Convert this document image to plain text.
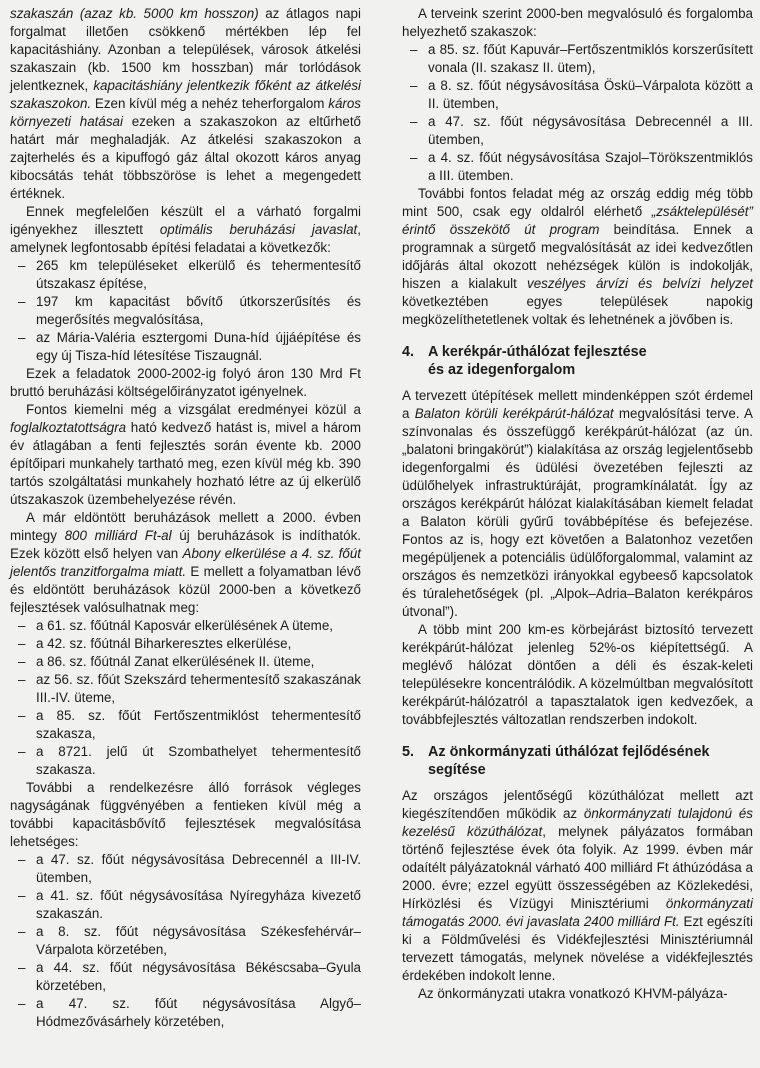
szakaszán (azaz kb. 5000 km hosszon) az átlagos napi forgalmat illetően csökkenő mértékben lép fel kapacitáshiány. Azonban a települések, városok átkelési szakaszain (kb. 1500 km hosszban) már torlódások jelentkeznek, kapacitáshiány jelentkezik főként az átkelési szakaszokon. Ezen kívül még a nehéz teherforgalom káros környezeti hatásai ezeken a szakaszokon az eltűrhető határt már meghaladják. Az átkelési szakaszokon a zajterhelés és a kipuffogó gáz által okozott káros anyag kibocsátás tehát többszöröse is lehet a megengedett értéknek.

Ennek megfelelően készült el a várható forgalmi igényekhez illesztett optimális beruházási javaslat, amelynek legfontosabb építési feladatai a következők:

– 265 km településeket elkerülő és tehermentesítő útszakasz építése,
– 197 km kapacitást bővítő útkorszerűsítés és megerősítés megvalósítása,
– az Mária-Valéria esztergomi Duna-híd újjáépítése és egy új Tisza-híd létesítése Tiszaugnál.

Ezek a feladatok 2000-2002-ig folyó áron 130 Mrd Ft bruttó beruházási költségelőirányzatot igényelnek.

Fontos kiemelni még a vizsgálat eredményei közül a foglalkoztatottságra ható kedvező hatást is, mivel a három év átlagában a fenti fejlesztés során évente kb. 2000 építőipari munkahely tartható meg, ezen kívül még kb. 390 tartós szolgáltatási munkahely hozható létre az új elkerülő útszakaszok üzembehelyezése révén.

A már eldöntött beruházások mellett a 2000. évben mintegy 800 milliárd Ft-al új beruházások is indíthatók. Ezek között első helyen van Abony elkerülése a 4. sz. főút jelentős tranzitforgalma miatt. E mellett a folyamatban lévő és eldöntött beruházások közül 2000-ben a következő fejlesztések valósulhatnak meg:

– a 61. sz. főútnál Kaposvár elkerülésének A üteme,
– a 42. sz. főútnál Biharkeresztes elkerülése,
– a 86. sz. főútnál Zanat elkerülésének II. üteme,
– az 56. sz. főút Szekszárd tehermentesítő szakaszának III.-IV. üteme,
– a 85. sz. főút Fertőszentmiklóst tehermentesítő szakasza,
– a 8721. jelű út Szombathelyet tehermentesítő szakasza.

További a rendelkezésre álló források végleges nagyságának függvényében a fentieken kívül még a további kapacitásbővítő fejlesztések megvalósítása lehetséges:

– a 47. sz. főút négysávosítása Debrecennél a III-IV. ütemben,
– a 41. sz. főút négysávosítása Nyíregyháza kivezető szakaszán.
– a 8. sz. főút négysávosítása Székesfehérvár–Várpalota körzetében,
– a 44. sz. főút négysávosítása Békéscsaba–Gyula körzetében,
– a 47. sz. főút négysávosítása Algyő–Hódmezővásárhely körzetében,

A terveink szerint 2000-ben megvalósuló és forgalomba helyezhető szakaszok:

– a 85. sz. főút Kapuvár–Fertőszentmiklós korszerűsített vonala (II. szakasz II. ütem),
– a 8. sz. főút négysávosítása Öskü–Várpalota között a II. ütemben,
– a 47. sz. főút négysávosítása Debrecennél a III. ütemben,
– a 4. sz. főút négysávosítása Szajol–Törökszentmiklós a III. ütemben.

További fontos feladat még az ország eddig még több mint 500, csak egy oldalról elérhető „zsáktelepülését” érintő összekötő út program beindítása. Ennek a programnak a sürgető megvalósítását az idei kedvezőtlen időjárás által okozott nehézségek külön is indokolják, hiszen a kialakult veszélyes árvízi és belvízi helyzet következtében egyes települések napokig megközelíthetetlenek voltak és lehetnének a jövőben is.

4. A kerékpár-úthálózat fejlesztése
és az idegenforgalom

A tervezett útépítések mellett mindenképpen szót érdemel a Balaton körüli kerékpárút-hálózat megvalósítási terve. A színvonalas és összefüggő kerékpárút-hálózat (az ún. „balatoni bringakörút”) kialakítása az ország legjelentősebb idegenforgalmi és üdülési övezetében fejleszti az üdülőhelyek infrastruktúráját, programkínálatát. Így az országos kerékpárút hálózat kialakításában kiemelt feladat a Balaton körüli gyűrű továbbépítése és befejezése. Fontos az is, hogy ezt követően a Balatonhoz vezetően megépüljenek a potenciális üdülőforgalommal, valamint az országos és nemzetközi irányokkal egybeeső kapcsolatok és túralehetőségek (pl. „Alpok–Adria–Balaton kerékpáros útvonal”).

A több mint 200 km-es körbejárást biztosító tervezett kerékpárút-hálózat jelenleg 52%-os kiépítettségű. A meglévő hálózat döntően a déli és észak-keleti településekre koncentrálódik. A közelmúltban megvalósított kerékpárút-hálózatról a tapasztalatok igen kedvezőek, a továbbfejlesztés változatlan rendszerben indokolt.

5. Az önkormányzati úthálózat fejlődésének
segítése

Az országos jelentőségű közúthálózat mellett azt kiegészítendően működik az önkormányzati tulajdonú és kezelésű közúthálózat, melynek pályázatos formában történő fejlesztése évek óta folyik. Az 1999. évben már odaítélt pályázatoknál várható 400 milliárd Ft áthúzódása a 2000. évre; ezzel együtt összességében az Közlekedési, Hírközlési és Vízügyi Minisztériumi önkormányzati támogatás 2000. évi javaslata 2400 milliárd Ft. Ezt egészíti ki a Földművelési és Vidékfejlesztési Minisztériumnál tervezett támogatás, melynek növelése a vidékfejlesztés érdekében indokolt lenne.

Az önkormányzati utakra vonatkozó KHVM-pályáza-
